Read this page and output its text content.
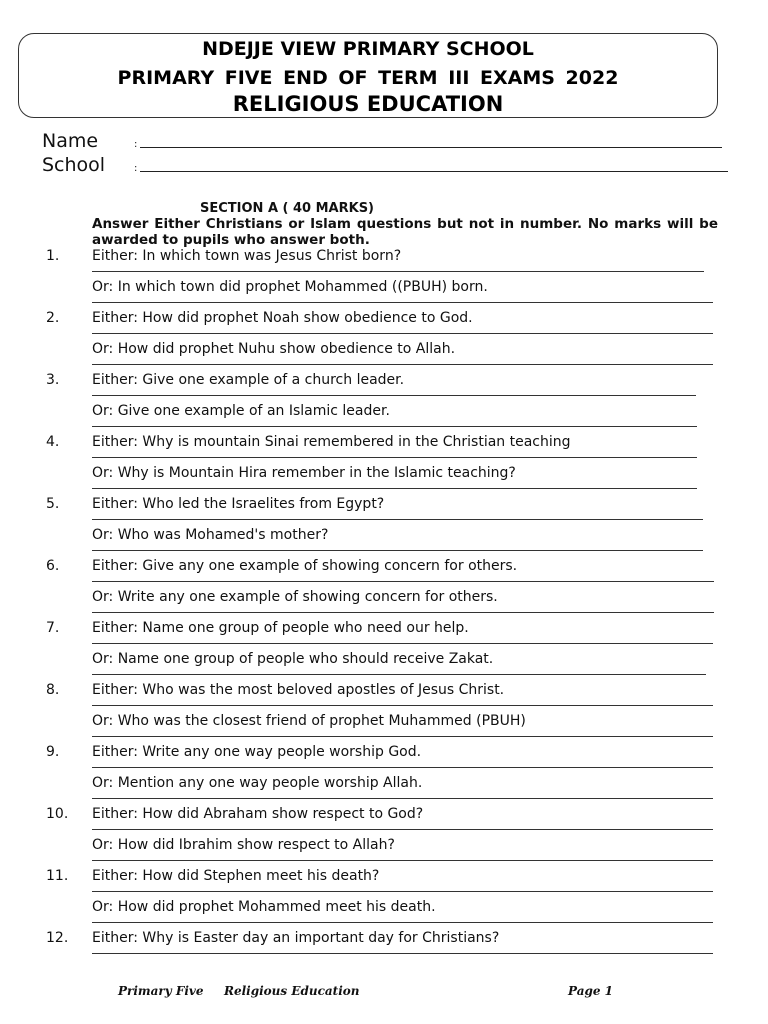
NDEJJE VIEW PRIMARY SCHOOL
PRIMARY FIVE END OF TERM III EXAMS 2022
RELIGIOUS EDUCATION
Name	:
School	:
SECTION A ( 40 MARKS)
Answer Either Christians or Islam questions but not in number. No marks will be awarded to pupils who answer both.
1. Either: In which town was Jesus Christ born?
Or: In which town did prophet Mohammed ((PBUH) born.
2. Either: How did prophet Noah show obedience to God.
Or: How did prophet Nuhu show obedience to Allah.
3. Either: Give one example of a church leader.
Or: Give one example of an Islamic leader.
4. Either: Why is mountain Sinai remembered in the Christian teaching
Or: Why is Mountain Hira remember in the Islamic teaching?
5. Either: Who led the Israelites from Egypt?
Or: Who was Mohamed's mother?
6. Either: Give any one example of showing concern for others.
Or: Write any one example of showing concern for others.
7. Either: Name one group of people who need our help.
Or: Name one group of people who should receive Zakat.
8. Either: Who was the most beloved apostles of Jesus Christ.
Or: Who was the closest friend of prophet Muhammed (PBUH)
9. Either: Write any one way people worship God.
Or: Mention any one way people worship Allah.
10. Either: How did Abraham show respect to God?
Or: How did Ibrahim show respect to Allah?
11. Either: How did Stephen meet his death?
Or: How did prophet Mohammed meet his death.
12. Either: Why is Easter day an important day for Christians?
Primary Five Religious Education	Page 1
